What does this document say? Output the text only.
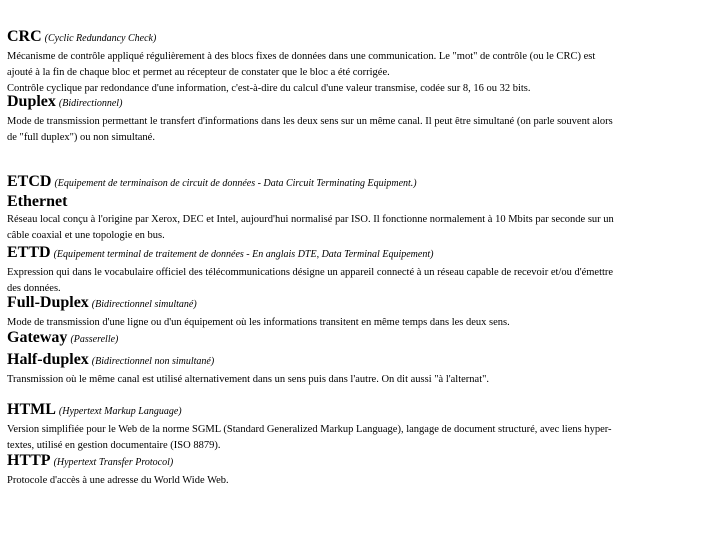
CRC (Cyclic Redundancy Check)

Mécanisme de contrôle appliqué régulièrement à des blocs fixes de données dans une communication. Le "mot" de contrôle (ou le CRC) est
ajouté à la fin de chaque bloc et permet au récepteur de constater que le bloc a été corrigée.
Contrôle cyclique par redondance d'une information, c'est-à-dire du calcul d'une valeur transmise, codée sur 8, 16 ou 32 bits.

Duplex (Bidirectionnel)

Mode de transmission permettant le transfert d'informations dans les deux sens sur un même canal. Il peut être simultané (on parle souvent alors
de "full duplex") ou non simultané.

ETCD (Equipement de terminaison de circuit de données - Data Circuit Terminating Equipment.)
Ethernet

Réseau local conçu à l'origine par Xerox, DEC et Intel, aujourd'hui normalisé par ISO. Il fonctionne normalement à 10 Mbits par seconde sur un
câble coaxial et une topologie en bus.

ETTD (Equipement terminal de traitement de données - En anglais DTE, Data Terminal Equipement)

Expression qui dans le vocabulaire officiel des télécommunications désigne un appareil connecté à un réseau capable de recevoir et/ou d'émettre
des données.

Full-Duplex (Bidirectionnel simultané)

Mode de transmission d'une ligne ou d'un équipement où les informations transitent en même temps dans les deux sens.

Gateway (Passerelle)
Half-duplex (Bidirectionnel non simultané)

Transmission où le même canal est utilisé alternativement dans un sens puis dans l'autre. On dit aussi "à l'alternat".

HTML (Hypertext Markup Language)

Version simplifiée pour le Web de la norme SGML (Standard Generalized Markup Language), langage de document structuré, avec liens hyper-
textes, utilisé en gestion documentaire (ISO 8879).

HTTP (Hypertext Transfer Protocol)

Protocole d'accès à une adresse du World Wide Web.
